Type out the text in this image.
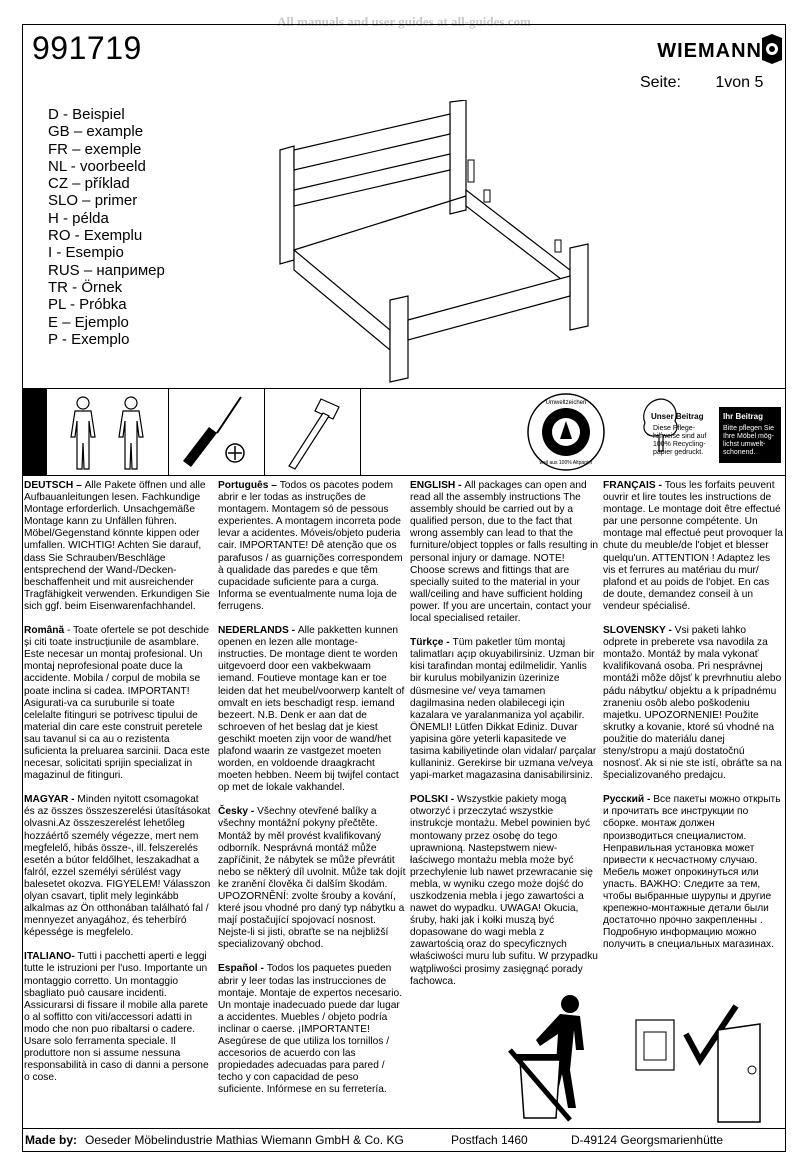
All manuals and user guides at all-guides.com
991719	WIEMANN
Seite: 1von 5
D - Beispiel
GB – example
FR – exemple
NL - voorbeeld
CZ – příklad
SLO – primer
H - példa
RO - Exemplu
I - Esempio
RUS – например
TR - Örnek
PL - Próbka
E – Ejemplo
P - Exemplo
Umweltzeichen
weil aus 100% Altpapier
Unser Beitrag
Diese Pflege-hilfweise sind auf 100% Recycling-papier gedruckt.
Ihr Beitrag
Bitte pflegen Sie Ihre Möbel mög-lichst umwelt-schonend.

DEUTSCH – Alle Pakete öffnen und alle Aufbauanleitungen lesen. Fachkundige Montage erforderlich. Unsachgemäße Montage kann zu Unfällen führen. Möbel/Gegenstand könnte kippen oder umfallen. WICHTIG! Achten Sie darauf, dass Sie Schrauben/Beschläge entsprechend der Wand-/Decken-beschaffenheit und mit ausreichender Tragfähigkeit verwenden. Erkundigen Sie sich ggf. beim Eisenwarenfachhandel.

Română - Toate ofertele se pot deschide și citi toate instrucțiunile de asamblare. Este necesar un montaj profesional. Un montaj neprofesional poate duce la accidente. Mobila / corpul de mobila se poate inclina si cadea. IMPORTANT! Asigurati-va ca suruburile si toate celelalte fitinguri se potrivesc tipului de material din care este construit peretele sau tavanul si ca au o rezistenta suficienta la preluarea sarcinii. Daca este necesar, solicitati sprijin specializat in magazinul de fitinguri.

MAGYAR - Minden nyitott csomagokat és az összes összeszerelési útasításokat olvasni.Az összeszerelést lehetőleg hozzáértő személy végezze, mert nem megfelelő, hibás össze-, ill. felszerelés esetén a bútor feldőlhet, leszakadhat a falról, ezzel személyi sérülést vagy balesetet okozva. FIGYELEM! Válasszon olyan csavart, tiplit mely leginkább alkalmas az Ön otthonában található fal / mennyezet anyagához, és teherbíró képessége is megfelelo.

ITALIANO- Tutti i pacchetti aperti e leggi tutte le istruzioni per l'uso. Importante un montaggio corretto. Un montaggio sbagliato può causare incidenti. Assicurarsi di fissare il mobile alla parete o al soffitto con viti/accessori adatti in modo che non puo ribaltarsi o cadere. Usare solo ferramenta speciale. Il produttore non si assume nessuna responsabilità in caso di danni a persone o cose.

Português – Todos os pacotes podem abrir e ler todas as instruções de montagem. Montagem só de pessous experientes. A montagem incorreta pode levar a acidentes. Móveis/objeto puderia cair. IMPORTANTE! Dê atenção que os parafusos / as guarnições correspondem à qualidade das paredes e que têm cupacidade suficiente para a curga. Informa se eventualmente numa loja de ferrugens.

NEDERLANDS - Alle pakketten kunnen openen en lezen alle montage-instructies. De montage dient te worden uitgevoerd door een vakbekwaam iemand. Foutieve montage kan er toe leiden dat het meubel/voorwerp kantelt of omvalt en iets beschadigt resp. iemand bezeert. N.B. Denk er aan dat de schroeven of het beslag dat je kiest geschikt moeten zijn voor de wand/het plafond waarin ze vastgezet moeten worden, en voldoende draagkracht moeten hebben. Neem bij twijfel contact op met de lokale vakhandel.

Česky - Všechny otevřené balíky a všechny montážní pokyny přečtěte. Montáž by měl provést kvalifikovaný odborník. Nesprávná montáž může zapříčinit, že nábytek se může převrátit nebo se některý díl uvolnit. Může tak dojít ke zranění člověka či dalším škodám. UPOZORNĚNÍ: zvolte šrouby a kování, které jsou vhodné pro daný typ nábytku a mají postačující spojovací nosnost. Nejste-li si jisti, obraťte se na nejbližší specializovaný obchod.

Español - Todos los paquetes pueden abrir y leer todas las instrucciones de montaje. Montaje de expertos necesario. Un montaje inadecuado puede dar lugar a accidentes. Muebles / objeto podría inclinar o caerse. ¡IMPORTANTE! Asegúrese de que utiliza los tornillos / accesorios de acuerdo con las propiedades adecuadas para pared / techo y con capacidad de peso suficiente. Infórmese en su ferretería.

ENGLISH - All packages can open and read all the assembly instructions The assembly should be carried out by a qualified person, due to the fact that wrong assembly can lead to that the furniture/object topples or falls resulting in personal injury or damage. NOTE! Choose screws and fittings that are specially suited to the material in your wall/ceiling and have sufficient holding power. If you are uncertain, contact your local specialised retailer.

Türkçe - Tüm paketler tüm montaj talimatları açıp okuyabilirsiniz. Uzman bir kisi tarafindan montaj edilmelidir. Yanlis bir kurulus mobilyanizin üzerinize düsmesine ve/ veya tamamen dagilmasina neden olabilecegi için kazalara ve yaralanmaniza yol açabilir. ÖNEMLI! Lütfen Dikkat Ediniz. Duvar yapisina göre yeterli kapasitede ve tasima kabiliyetinde olan vidalar/ parçalar kullaniniz. Gerekirse bir uzmana ve/veya yapi-market magazasina danisabilirsiniz.

POLSKI - Wszystkie pakiety mogą otworzyć i przeczytać wszystkie instrukcje montażu. Mebel powinien być montowany przez osobę do tego uprawnioną. Nastepstwem niew-łaściwego montażu mebla może być przechylenie lub nawet przewracanie się mebla, w wyniku czego może dojść do uszkodzenia mebla i jego zawartości a nawet do wypadku. UWAGA! Okucia, śruby, haki jak i kołki muszą być dopasowane do wagi mebla z zawartością oraz do specyficznych właściwości muru lub sufitu. W przypadku wątpliwości prosimy zasięgnąć porady fachowca.

FRANÇAIS - Tous les forfaits peuvent ouvrir et lire toutes les instructions de montage. Le montage doit être effectué par une personne compétente. Un montage mal effectué peut provoquer la chute du meuble/de l'objet et blesser quelqu'un. ATTENTION ! Adaptez les vis et ferrures au matériau du mur/ plafond et au poids de l'objet. En cas de doute, demandez conseil à un vendeur spécialisé.

SLOVENSKY - Vsi paketi lahko odprete in preberete vsa navodila za montažo. Montáž by mala vykonať kvalifikovaná osoba. Pri nesprávnej montáži môže dôjsť k prevrhnutiu alebo pádu nábytku/ objektu a k prípadnému zraneniu osôb alebo poškodeniu majetku. UPOZORNENIE! Použite skrutky a kovanie, ktoré sú vhodné na použitie do materiálu danej steny/stropu a majú dostatočnú nosnosť. Ak si nie ste istí, obráťte sa na špecializovaného predajcu.

Русский - Все пакеты можно открыть и прочитать все инструкции по сборке. монтаж должен производиться специалистом. Неправильная установка может привести к несчастному случаю. Мебель может опрокинуться или упасть. ВАЖНО: Следите за тем, чтобы выбранные шурупы и другие крепежно-монтажные детали были достаточно прочно закрепленны . Подробную информацию можно получить в специальных магазинах.

Made by: Oeseder Möbelindustrie Mathias Wiemann GmbH & Co. KG	Postfach 1460	D-49124 Georgsmarienhütte
